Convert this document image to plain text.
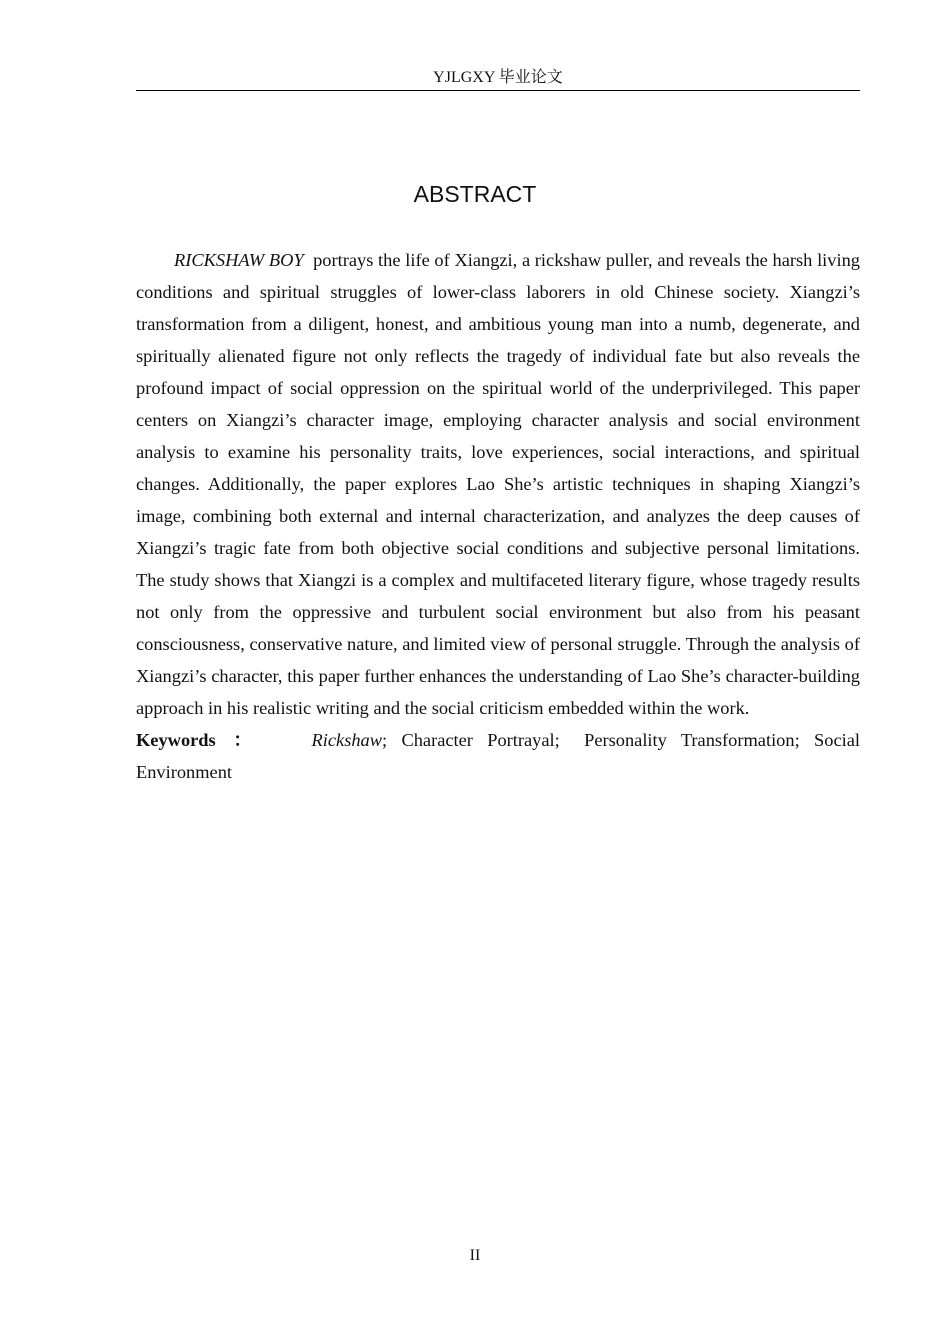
YJLGXY 毕业论文
ABSTRACT

RICKSHAW BOY portrays the life of Xiangzi, a rickshaw puller, and reveals the harsh living conditions and spiritual struggles of lower-class laborers in old Chinese society. Xiangzi’s transformation from a diligent, honest, and ambitious young man into a numb, degenerate, and spiritually alienated figure not only reflects the tragedy of individual fate but also reveals the profound impact of social oppression on the spiritual world of the underprivileged. This paper centers on Xiangzi’s character image, employing character analysis and social environment analysis to examine his personality traits, love experiences, social interactions, and spiritual changes. Additionally, the paper explores Lao She’s artistic techniques in shaping Xiangzi’s image, combining both external and internal characterization, and analyzes the deep causes of Xiangzi’s tragic fate from both objective social conditions and subjective personal limitations. The study shows that Xiangzi is a complex and multifaceted literary figure, whose tragedy results not only from the oppressive and turbulent social environment but also from his peasant consciousness, conservative nature, and limited view of personal struggle. Through the analysis of Xiangzi’s character, this paper further enhances the understanding of Lao She’s character-building approach in his realistic writing and the social criticism embedded within the work.

Keywords ：	Rickshaw; Character Portrayal; Personality Transformation; Social Environment

II
